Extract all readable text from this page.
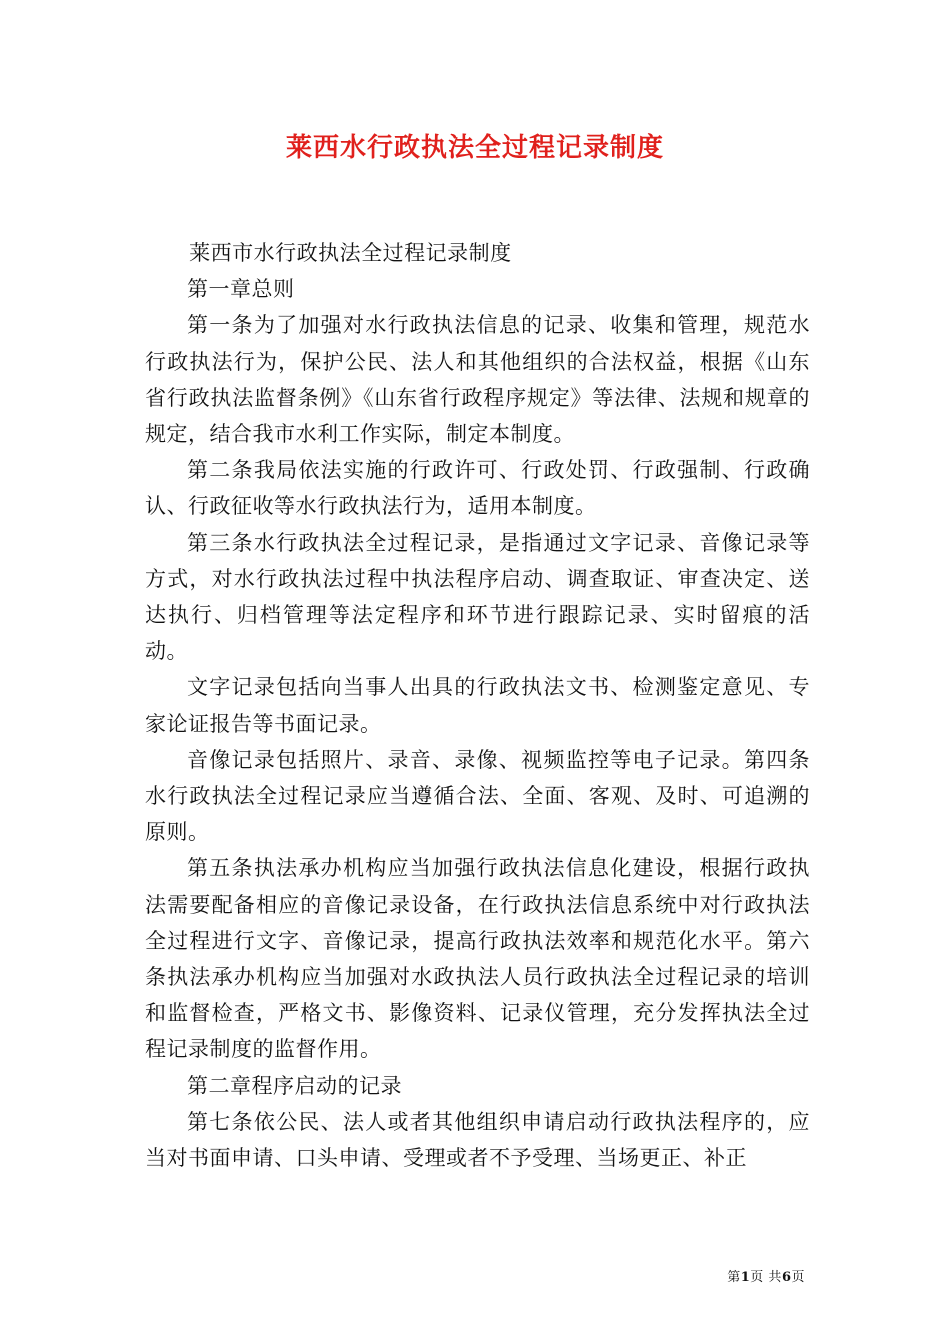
莱西水行政执法全过程记录制度

莱西市水行政执法全过程记录制度

第一章总则

第一条为了加强对水行政执法信息的记录、收集和管理，规范水行政执法行为，保护公民、法人和其他组织的合法权益，根据《山东省行政执法监督条例》《山东省行政程序规定》等法律、法规和规章的规定，结合我市水利工作实际，制定本制度。

第二条我局依法实施的行政许可、行政处罚、行政强制、行政确认、行政征收等水行政执法行为，适用本制度。

第三条水行政执法全过程记录，是指通过文字记录、音像记录等方式，对水行政执法过程中执法程序启动、调查取证、审查决定、送达执行、归档管理等法定程序和环节进行跟踪记录、实时留痕的活动。

文字记录包括向当事人出具的行政执法文书、检测鉴定意见、专家论证报告等书面记录。

音像记录包括照片、录音、录像、视频监控等电子记录。第四条水行政执法全过程记录应当遵循合法、全面、客观、及时、可追溯的原则。

第五条执法承办机构应当加强行政执法信息化建设，根据行政执法需要配备相应的音像记录设备，在行政执法信息系统中对行政执法全过程进行文字、音像记录，提高行政执法效率和规范化水平。第六条执法承办机构应当加强对水政执法人员行政执法全过程记录的培训和监督检查，严格文书、影像资料、记录仪管理，充分发挥执法全过程记录制度的监督作用。

第二章程序启动的记录

第七条依公民、法人或者其他组织申请启动行政执法程序的，应当对书面申请、口头申请、受理或者不予受理、当场更正、补正

第1页 共6页
